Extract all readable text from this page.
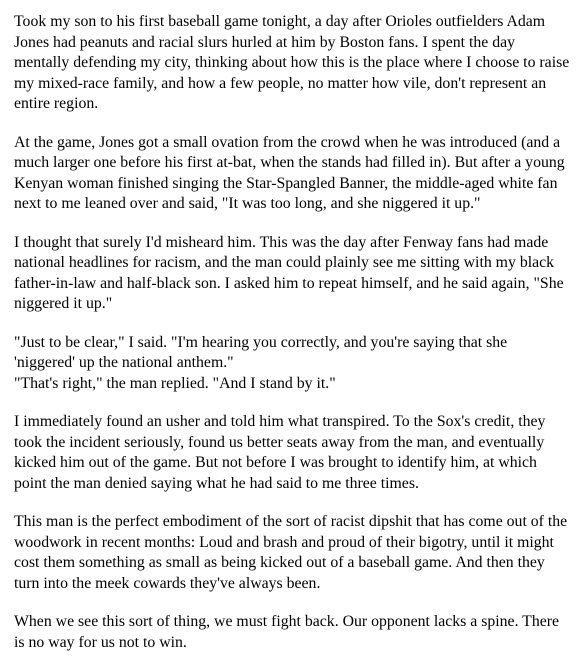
Took my son to his first baseball game tonight, a day after Orioles outfielders Adam Jones had peanuts and racial slurs hurled at him by Boston fans. I spent the day mentally defending my city, thinking about how this is the place where I choose to raise my mixed-race family, and how a few people, no matter how vile, don't represent an entire region.

At the game, Jones got a small ovation from the crowd when he was introduced (and a much larger one before his first at-bat, when the stands had filled in). But after a young Kenyan woman finished singing the Star-Spangled Banner, the middle-aged white fan next to me leaned over and said, "It was too long, and she niggered it up."

I thought that surely I'd misheard him. This was the day after Fenway fans had made national headlines for racism, and the man could plainly see me sitting with my black father-in-law and half-black son. I asked him to repeat himself, and he said again, "She niggered it up."

"Just to be clear," I said. "I'm hearing you correctly, and you're saying that she 'niggered' up the national anthem."

"That's right," the man replied. "And I stand by it."

I immediately found an usher and told him what transpired. To the Sox's credit, they took the incident seriously, found us better seats away from the man, and eventually kicked him out of the game. But not before I was brought to identify him, at which point the man denied saying what he had said to me three times.

This man is the perfect embodiment of the sort of racist dipshit that has come out of the woodwork in recent months: Loud and brash and proud of their bigotry, until it might cost them something as small as being kicked out of a baseball game. And then they turn into the meek cowards they've always been.

When we see this sort of thing, we must fight back. Our opponent lacks a spine. There is no way for us not to win.
